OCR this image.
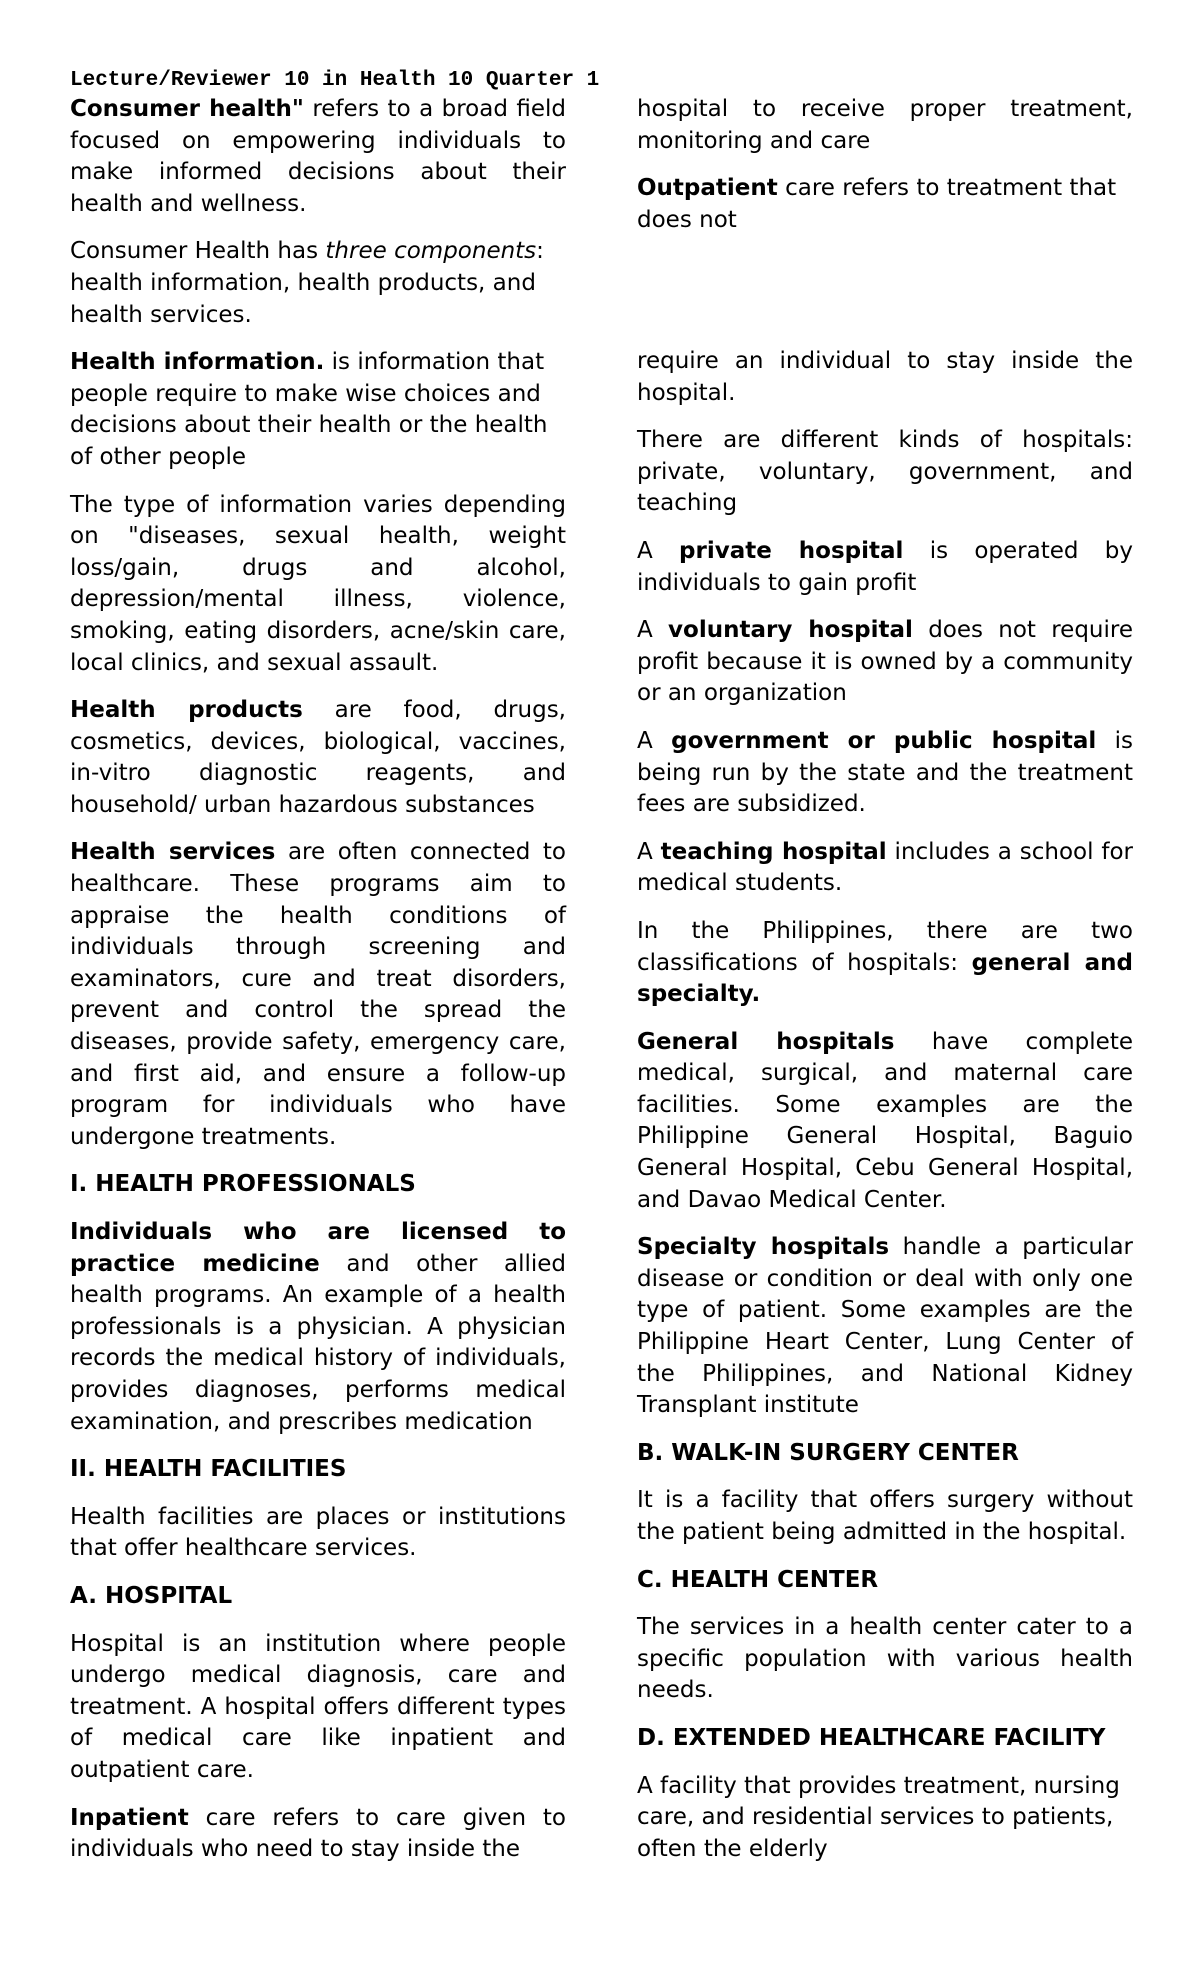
Lecture/Reviewer 10 in Health 10 Quarter 1

Consumer health" refers to a broad field focused on empowering individuals to make informed decisions about their health and wellness.

Consumer Health has three components: health information, health products, and health services.

Health information. is information that people require to make wise choices and decisions about their health or the health of other people

The type of information varies depending on "diseases, sexual health, weight loss/gain, drugs and alcohol, depression/mental illness, violence, smoking, eating disorders, acne/skin care, local clinics, and sexual assault.

Health products are food, drugs, cosmetics, devices, biological, vaccines, in-vitro diagnostic reagents, and household/ urban hazardous substances

Health services are often connected to healthcare. These programs aim to appraise the health conditions of individuals through screening and examinators, cure and treat disorders, prevent and control the spread the diseases, provide safety, emergency care, and first aid, and ensure a follow-up program for individuals who have undergone treatments.

I. HEALTH PROFESSIONALS

Individuals who are licensed to practice medicine and other allied health programs. An example of a health professionals is a physician. A physician records the medical history of individuals, provides diagnoses, performs medical examination, and prescribes medication

II. HEALTH FACILITIES

Health facilities are places or institutions that offer healthcare services.

A. HOSPITAL

Hospital is an institution where people undergo medical diagnosis, care and treatment. A hospital offers different types of medical care like inpatient and outpatient care.

Inpatient care refers to care given to individuals who need to stay inside the

hospital to receive proper treatment, monitoring and care

Outpatient care refers to treatment that does not

require an individual to stay inside the hospital.

There are different kinds of hospitals: private, voluntary, government, and teaching

A private hospital is operated by individuals to gain profit

A voluntary hospital does not require profit because it is owned by a community or an organization

A government or public hospital is being run by the state and the treatment fees are subsidized.

A teaching hospital includes a school for medical students.

In the Philippines, there are two classifications of hospitals: general and specialty.

General hospitals have complete medical, surgical, and maternal care facilities. Some examples are the Philippine General Hospital, Baguio General Hospital, Cebu General Hospital, and Davao Medical Center.

Specialty hospitals handle a particular disease or condition or deal with only one type of patient. Some examples are the Philippine Heart Center, Lung Center of the Philippines, and National Kidney Transplant institute

B. WALK-IN SURGERY CENTER

It is a facility that offers surgery without the patient being admitted in the hospital.

C. HEALTH CENTER

The services in a health center cater to a specific population with various health needs.

D. EXTENDED HEALTHCARE FACILITY

A facility that provides treatment, nursing care, and residential services to patients, often the elderly
